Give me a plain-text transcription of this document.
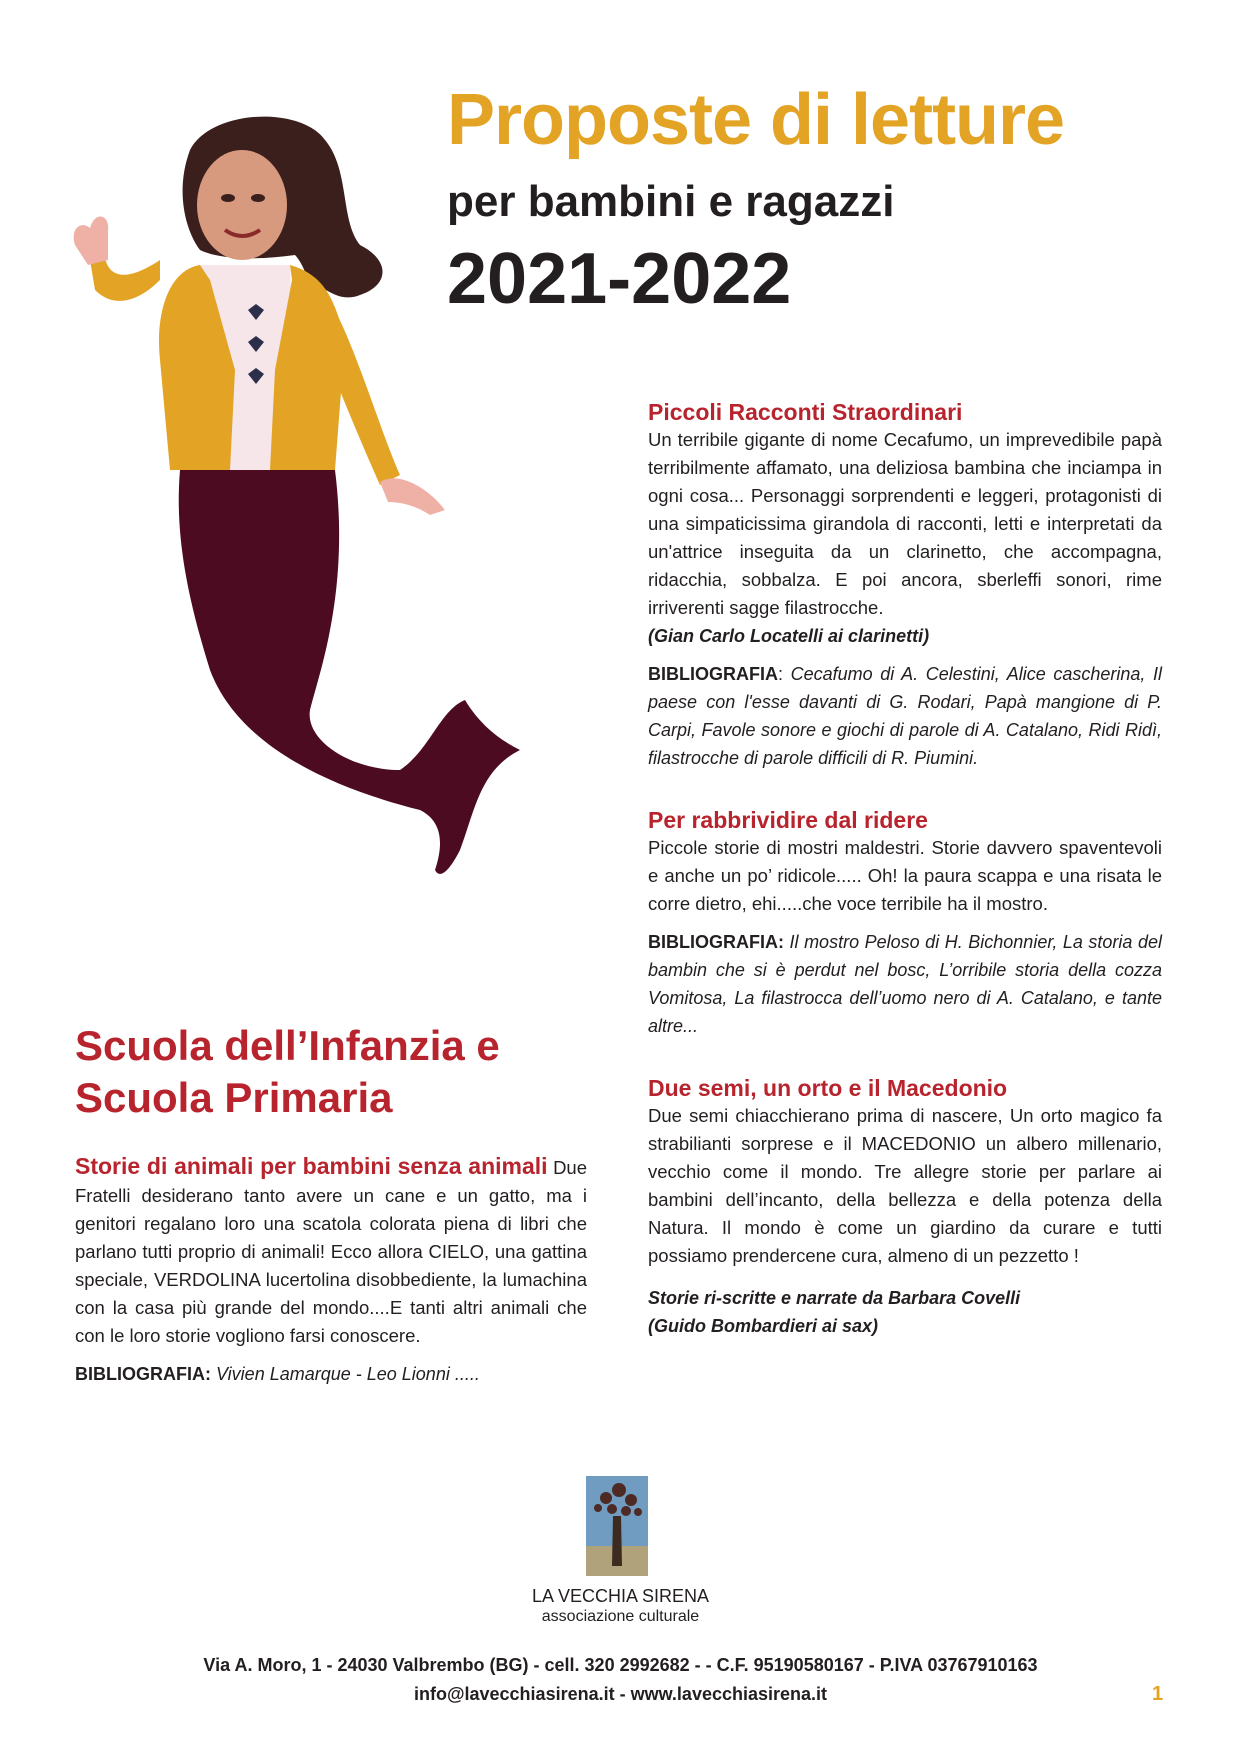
Proposte di letture
per bambini e ragazzi
2021-2022
Piccoli Racconti Straordinari

Un terribile gigante di nome Cecafumo, un imprevedibile papà terribilmente affamato, una deliziosa bambina che inciampa in ogni cosa... Personaggi sorprendenti e leggeri, protagonisti di una simpaticissima girandola di racconti, letti e interpretati da un'attrice inseguita da un clarinetto, che accompagna, ridacchia, sobbalza. E poi ancora, sberleffi sonori, rime irriverenti sagge filastrocche.

(Gian Carlo Locatelli ai clarinetti)

BIBLIOGRAFIA: Cecafumo di A. Celestini, Alice cascherina, Il paese con l'esse davanti di G. Rodari, Papà mangione di P. Carpi, Favole sonore e giochi di parole di A. Catalano, Ridi Ridì, filastrocche di parole difficili di R. Piumini.

Per rabbrividire dal ridere

Piccole storie di mostri maldestri. Storie davvero spaventevoli e anche un po’ ridicole..... Oh! la paura scappa e una risata le corre dietro, ehi.....che voce terribile ha il mostro.

BIBLIOGRAFIA: Il mostro Peloso di H. Bichonnier, La storia del bambin che si è perdut nel bosc, L’orribile storia della cozza Vomitosa, La filastrocca dell’uomo nero di A. Catalano, e tante altre...

Due semi, un orto e il Macedonio

Due semi chiacchierano prima di nascere, Un orto magico fa strabilianti sorprese e il MACEDONIO un albero millenario, vecchio come il mondo. Tre allegre storie per parlare ai bambini dell’incanto, della bellezza e della potenza della Natura. Il mondo è come un giardino da curare e tutti possiamo prendercene cura, almeno di un pezzetto !

Storie ri-scritte e narrate da Barbara Covelli

(Guido Bombardieri ai sax)

Scuola dell’Infanzia e Scuola Primaria

Storie di animali per bambini senza animali Due Fratelli desiderano tanto avere un cane e un gatto, ma i genitori regalano loro una scatola colorata piena di libri che parlano tutti proprio di animali! Ecco allora CIELO, una gattina speciale, VERDOLINA lucertolina disobbediente, la lumachina con la casa più grande del mondo....E tanti altri animali che con le loro storie vogliono farsi conoscere.

BIBLIOGRAFIA: Vivien Lamarque - Leo Lionni .....

LA VECCHIA SIRENA
associazione culturale
Via A. Moro, 1 - 24030 Valbrembo (BG) - cell. 320 2992682 - - C.F. 95190580167 - P.IVA 03767910163
info@lavecchiasirena.it - www.lavecchiasirena.it	1
